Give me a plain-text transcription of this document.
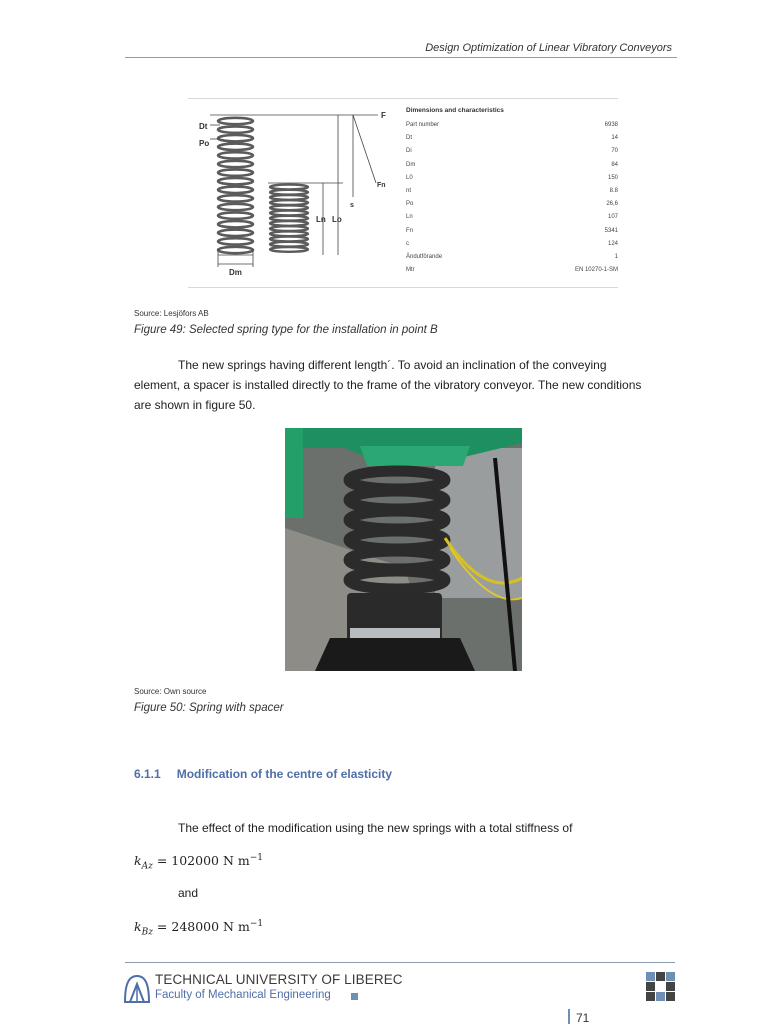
Design Optimization of Linear Vibratory Conveyors
Dt
Po
Dm
F
Fn
s
Ln Lo
Dimensions and characteristics
Part number	6938
Dt	14
Di	70
Dm	84
L0	150
nt	8.8
Po	26,6
Ln	107
Fn	5341
c	124
Ändutförande	1
Mtr	EN 10270-1-SM
Source: Lesjöfors AB
Figure 49: Selected spring type for the installation in point B
The new springs having different length´. To avoid an inclination of the conveying element, a spacer is installed directly to the frame of the vibratory conveyor. The new conditions are shown in figure 50.
Source: Own source
Figure 50: Spring with spacer
6.1.1 Modification of the centre of elasticity
The effect of the modification using the new springs with a total stiffness of
$k_{Az} = 102000$ N $m^{-1}$
and
$k_{Bz} = 248000$ N $m^{-1}$
TECHNICAL UNIVERSITY OF LIBEREC
Faculty of Mechanical Engineering
71
